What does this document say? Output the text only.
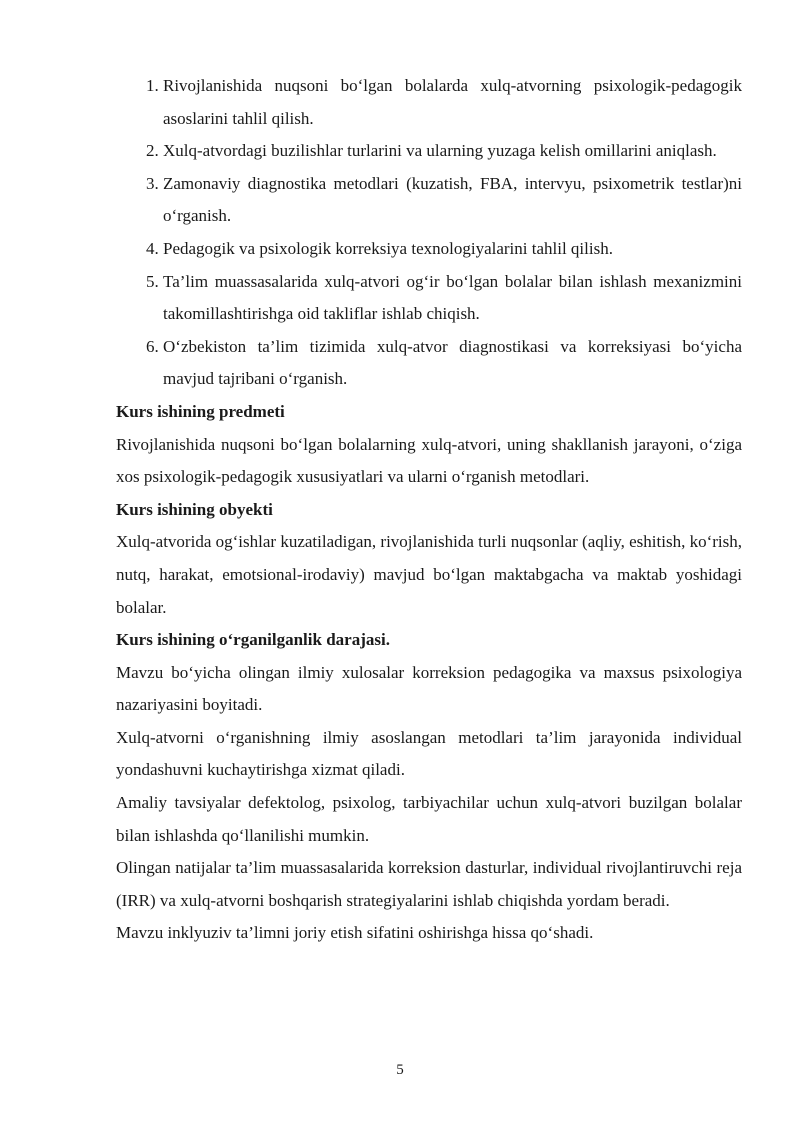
1. Rivojlanishida nuqsoni bo‘lgan bolalarda xulq-atvorning psixologik-pedagogik asoslarini tahlil qilish.
2. Xulq-atvordagi buzilishlar turlarini va ularning yuzaga kelish omillarini aniqlash.
3. Zamonaviy diagnostika metodlari (kuzatish, FBA, intervyu, psixometrik testlar)ni o‘rganish.
4. Pedagogik va psixologik korreksiya texnologiyalarini tahlil qilish.
5. Ta’lim muassasalarida xulq-atvori og‘ir bo‘lgan bolalar bilan ishlash mexanizmini takomillashtirishga oid takliflar ishlab chiqish.
6. O‘zbekiston ta’lim tizimida xulq-atvor diagnostikasi va korreksiyasi bo‘yicha mavjud tajribani o‘rganish.

Kurs ishining predmeti

Rivojlanishida nuqsoni bo‘lgan bolalarning xulq-atvori, uning shakllanish jarayoni, o‘ziga xos psixologik-pedagogik xususiyatlari va ularni o‘rganish metodlari.

Kurs ishining obyekti

Xulq-atvorida og‘ishlar kuzatiladigan, rivojlanishida turli nuqsonlar (aqliy, eshitish, ko‘rish, nutq, harakat, emotsional-irodaviy) mavjud bo‘lgan maktabgacha va maktab yoshidagi bolalar.

Kurs ishining o‘rganilganlik darajasi.

Mavzu bo‘yicha olingan ilmiy xulosalar korreksion pedagogika va maxsus psixologiya nazariyasini boyitadi.

Xulq-atvorni o‘rganishning ilmiy asoslangan metodlari ta’lim jarayonida individual yondashuvni kuchaytirishga xizmat qiladi.

Amaliy tavsiyalar defektolog, psixolog, tarbiyachilar uchun xulq-atvori buzilgan bolalar bilan ishlashda qo‘llanilishi mumkin.

Olingan natijalar ta’lim muassasalarida korreksion dasturlar, individual rivojlantiruvchi reja (IRR) va xulq-atvorni boshqarish strategiyalarini ishlab chiqishda yordam beradi.

Mavzu inklyuziv ta’limni joriy etish sifatini oshirishga hissa qo‘shadi.

5
